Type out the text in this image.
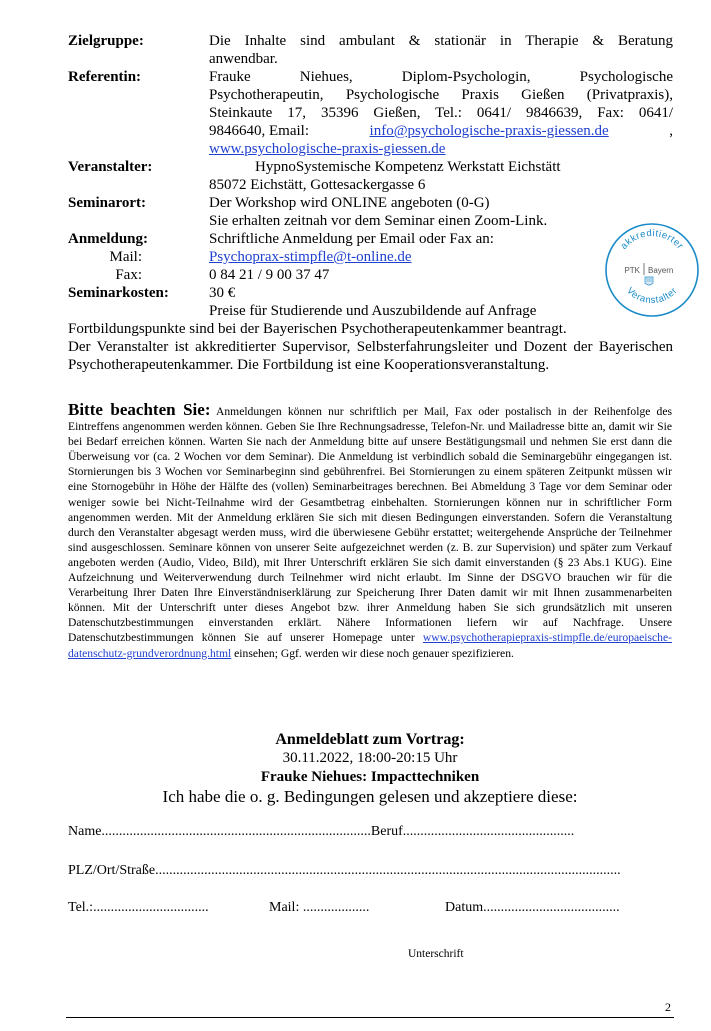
Zielgruppe:	Die Inhalte sind ambulant & stationär in Therapie & Beratung
anwendbar.
Referentin:	Frauke Niehues, Diplom-Psychologin, Psychologische
Psychotherapeutin, Psychologische Praxis Gießen (Privatpraxis),
Steinkaute 17, 35396 Gießen, Tel.: 0641/ 9846639, Fax: 0641/
9846640, Email:	info@psychologische-praxis-giessen.de	,
www.psychologische-praxis-giessen.de
Veranstalter:	HypnoSystemische Kompetenz Werkstatt Eichstätt
85072 Eichstätt, Gottesackergasse 6
Seminarort:	Der Workshop wird ONLINE angeboten (0-G)
Sie erhalten zeitnah vor dem Seminar einen Zoom-Link.
Anmeldung:	Schriftliche Anmeldung per Email oder Fax an:
Mail:	Psychoprax-stimpfle@t-online.de
Fax:	0 84 21 / 9 00 37 47
Seminarkosten:	30 €
Preise für Studierende und Auszubildende auf Anfrage
Fortbildungspunkte sind bei der Bayerischen Psychotherapeutenkammer beantragt.
Der Veranstalter ist akkreditierter Supervisor, Selbsterfahrungsleiter und Dozent der Bayerischen Psychotherapeutenkammer. Die Fortbildung ist eine Kooperationsveranstaltung.
akkreditierter
Veranstalter
PTK Bayern
Bitte beachten Sie: Anmeldungen können nur schriftlich per Mail, Fax oder postalisch in der Reihenfolge des Eintreffens angenommen werden können. Geben Sie Ihre Rechnungsadresse, Telefon-Nr. und Mailadresse bitte an, damit wir Sie bei Bedarf erreichen können. Warten Sie nach der Anmeldung bitte auf unsere Bestätigungsmail und nehmen Sie erst dann die Überweisung vor (ca. 2 Wochen vor dem Seminar). Die Anmeldung ist verbindlich sobald die Seminargebühr eingegangen ist. Stornierungen bis 3 Wochen vor Seminarbeginn sind gebührenfrei. Bei Stornierungen zu einem späteren Zeitpunkt müssen wir eine Stornogebühr in Höhe der Hälfte des (vollen) Seminarbeitrages berechnen. Bei Abmeldung 3 Tage vor dem Seminar oder weniger sowie bei Nicht-Teilnahme wird der Gesamtbetrag einbehalten. Stornierungen können nur in schriftlicher Form angenommen werden. Mit der Anmeldung erklären Sie sich mit diesen Bedingungen einverstanden. Sofern die Veranstaltung durch den Veranstalter abgesagt werden muss, wird die überwiesene Gebühr erstattet; weitergehende Ansprüche der Teilnehmer sind ausgeschlossen. Seminare können von unserer Seite aufgezeichnet werden (z. B. zur Supervision) und später zum Verkauf angeboten werden (Audio, Video, Bild), mit Ihrer Unterschrift erklären Sie sich damit einverstanden (§ 23 Abs.1 KUG). Eine Aufzeichnung und Weiterverwendung durch Teilnehmer wird nicht erlaubt. Im Sinne der DSGVO brauchen wir für die Verarbeitung Ihrer Daten Ihre Einverständniserklärung zur Speicherung Ihrer Daten damit wir mit Ihnen zusammenarbeiten können. Mit der Unterschrift unter dieses Angebot bzw. ihrer Anmeldung haben Sie sich grundsätzlich mit unseren Datenschutzbestimmungen einverstanden erklärt. Nähere Informationen liefern wir auf Nachfrage. Unsere Datenschutzbestimmungen können Sie auf unserer Homepage unter www.psychotherapiepraxis-stimpfle.de/europaeische-datenschutz-grundverordnung.html einsehen; Ggf. werden wir diese noch genauer spezifizieren.
Anmeldeblatt zum Vortrag:
30.11.2022, 18:00-20:15 Uhr
Frauke Niehues: Impacttechniken
Ich habe die o. g. Bedingungen gelesen und akzeptiere diese:
Name.............................................................................Beruf.................................................
PLZ/Ort/Straße.....................................................................................................................................
Tel.:.................................	Mail: ...................	Datum.......................................
Unterschrift
2
